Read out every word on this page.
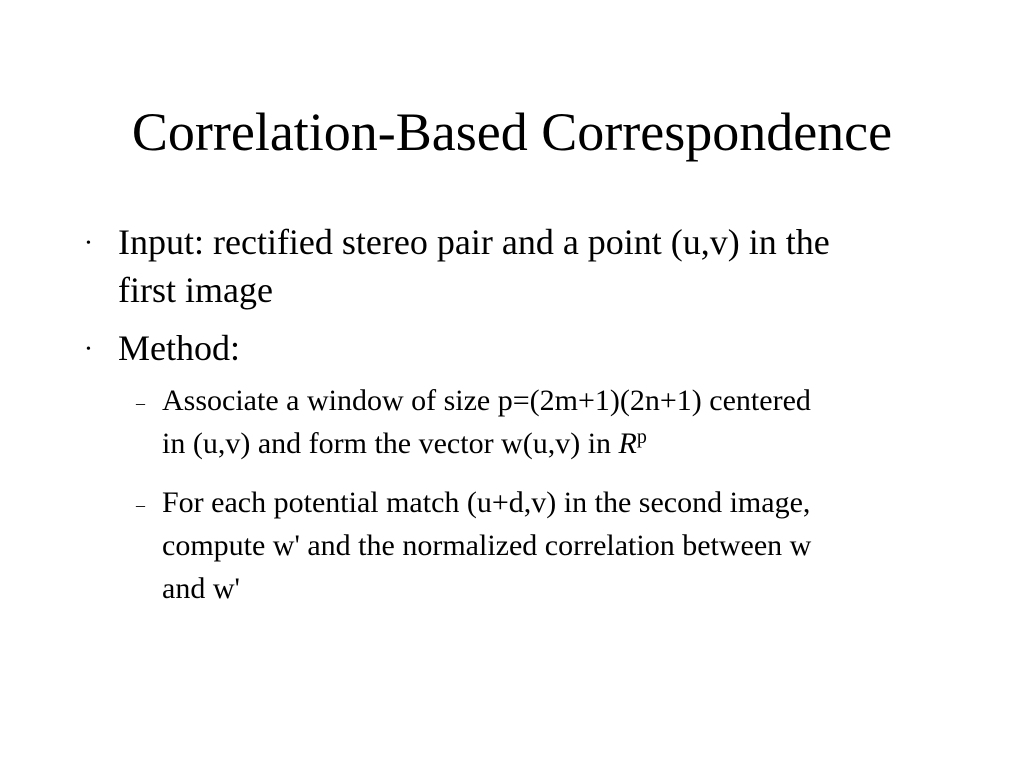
Correlation-Based Correspondence
• Input: rectified stereo pair and a point (u,v) in the
first image
• Method:
– Associate a window of size p=(2m+1)(2n+1) centered
in (u,v) and form the vector w(u,v) in $R^p$
– For each potential match (u+d,v) in the second image,
compute w' and the normalized correlation between w
and w'
